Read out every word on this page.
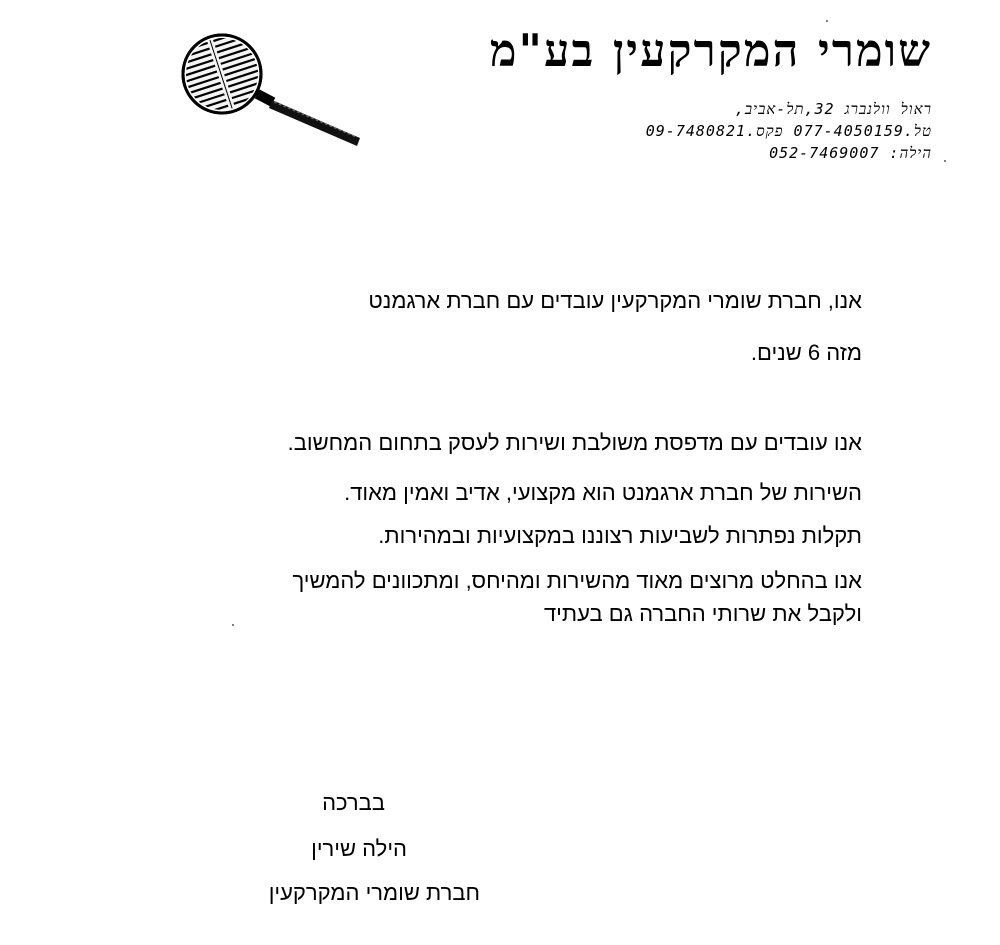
שומרי המקרקעין בע"מ
ראול וולנברג 32,תל-אביב,
טל.077-4050159 פקס.09-7480821
הילה: 052-7469007
אנו, חברת שומרי המקרקעין עובדים עם חברת ארגמנט
מזה 6 שנים.
אנו עובדים עם מדפסת משולבת ושירות לעסק בתחום המחשוב.
השירות של חברת ארגמנט הוא מקצועי, אדיב ואמין מאוד.
תקלות נפתרות לשביעות רצוננו במקצועיות ובמהירות.
אנו בהחלט מרוצים מאוד מהשירות ומהיחס, ומתכוונים להמשיך
ולקבל את שרותי החברה גם בעתיד
בברכה
הילה שירין
חברת שומרי המקרקעין
